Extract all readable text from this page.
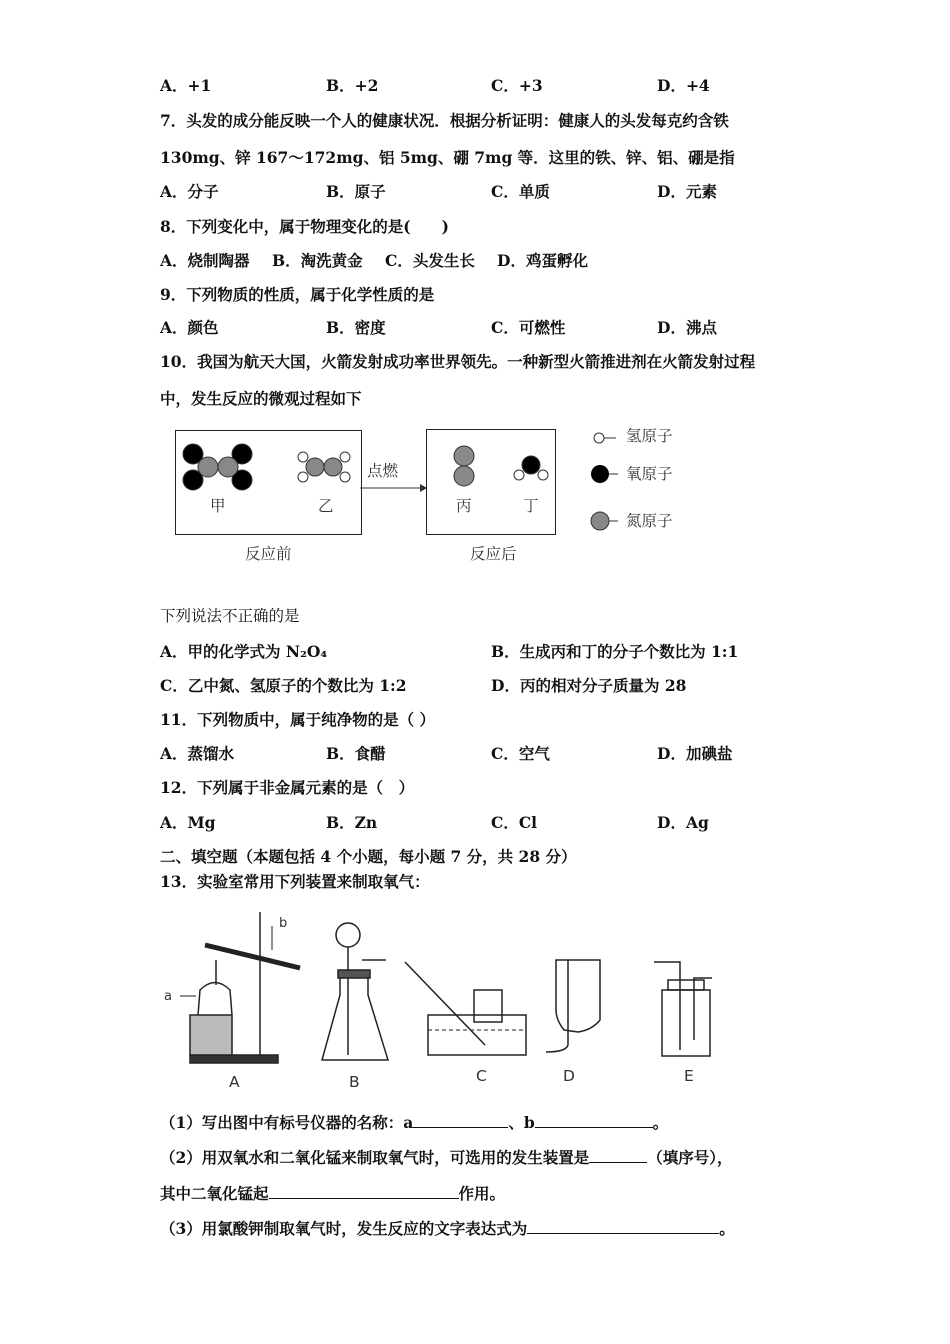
A．+1	B．+2	C．+3	D．+4
7．头发的成分能反映一个人的健康状况．根据分析证明：健康人的头发每克约含铁
130mg、锌 167～172mg、铝 5mg、硼 7mg 等．这里的铁、锌、铝、硼是指
A．分子	B．原子	C．单质	D．元素
8．下列变化中，属于物理变化的是(　　)
A．烧制陶器 B．淘洗黄金 C．头发生长 D．鸡蛋孵化
9．下列物质的性质，属于化学性质的是
A．颜色	B．密度	C．可燃性	D．沸点
10．我国为航天大国，火箭发射成功率世界领先。一种新型火箭推进剂在火箭发射过程
中，发生反应的微观过程如下
甲	乙	丙	丁
点燃
反应前	反应后
氢原子
氧原子
氮原子
下列说法不正确的是
A．甲的化学式为 N₂O₄	B．生成丙和丁的分子个数比为 1:1
C．乙中氮、氢原子的个数比为 1:2	D．丙的相对分子质量为 28
11．下列物质中，属于纯净物的是（ ）
A．蒸馏水	B．食醋	C．空气	D．加碘盐
12．下列属于非金属元素的是（　）
A．Mg	B．Zn	C．Cl	D．Ag
二、填空题（本题包括 4 个小题，每小题 7 分，共 28 分）
13．实验室常用下列装置来制取氧气：
b
a
A	B	C	D	E
（1）写出图中有标号仪器的名称：a	、b	。
（2）用双氧水和二氧化锰来制取氧气时，可选用的发生装置是	（填序号），
其中二氧化锰起	作用。
（3）用氯酸钾制取氧气时，发生反应的文字表达式为	。
